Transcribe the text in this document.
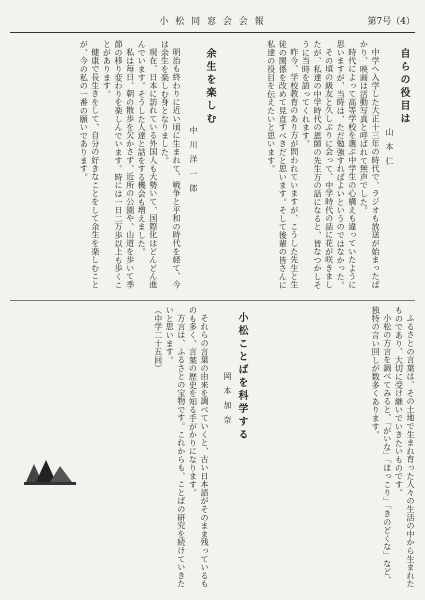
小 松 同 窓 会 会 報	第7号（4）
自らの役目は
山 本 仁

中学へ入学した大正十三年の時代で、ラジオも放送が始まったばかり、映画は活動写真と呼ばれて無声でした。

時代によって高等学校を選ぶ中学生の心構えも違っていたように思いますが、当時は、ただ勉強すればよいというのではなかった。

その頃の級友と久しぶりに会って、中学時代の話に花が咲きましたが、私達の中学時代の恩師の先生方の話になると、皆なつかしそうに当時を語ってくれます。

昨今、学校教育のあり方が問われていますが、こうした先生と生徒の関係を改めて見直すべきだと思います。そして後輩の皆さんに私達の役目を伝えたいと思います。

余生を楽しむ
中 川 洋 一 郎

明治も終わりに近い頃に生まれて、戦争と平和の時代を経て、今は余生を楽しむ身となりました。

現在、日本に訪れている外国人も大勢いて、国際化はどんどん進んでいます。そうした人達と話をする機会も増えました。

私は毎日、朝の散歩を欠かさず、近所の公園や、山道を歩いて季節の移り変わりを楽しんでいます。時には一日二万歩以上も歩くことがあります。

健康で長生きをして、自分の好きなことをして余生を楽しむことが、今の私の一番の願いであります。

小松ことばを科学する
岡 本 加 奈

それらの言葉の由来を調べていくと、古い日本語がそのまま残っているものも多く、言葉の歴史を知る手がかりになります。

方言は、ふるさとの宝物です。これからも、ことばの研究を続けていきたいと思います。

（中学二十五回）	ふるさとの言葉は、その土地で生まれ育った人々の生活の中から生まれたものであり、大切に受け継いでいきたいものです。

小松の方言を調べてみると、「がいな」「ほっこり」「きのどくな」など、独特の言い回しが数多くあります。
